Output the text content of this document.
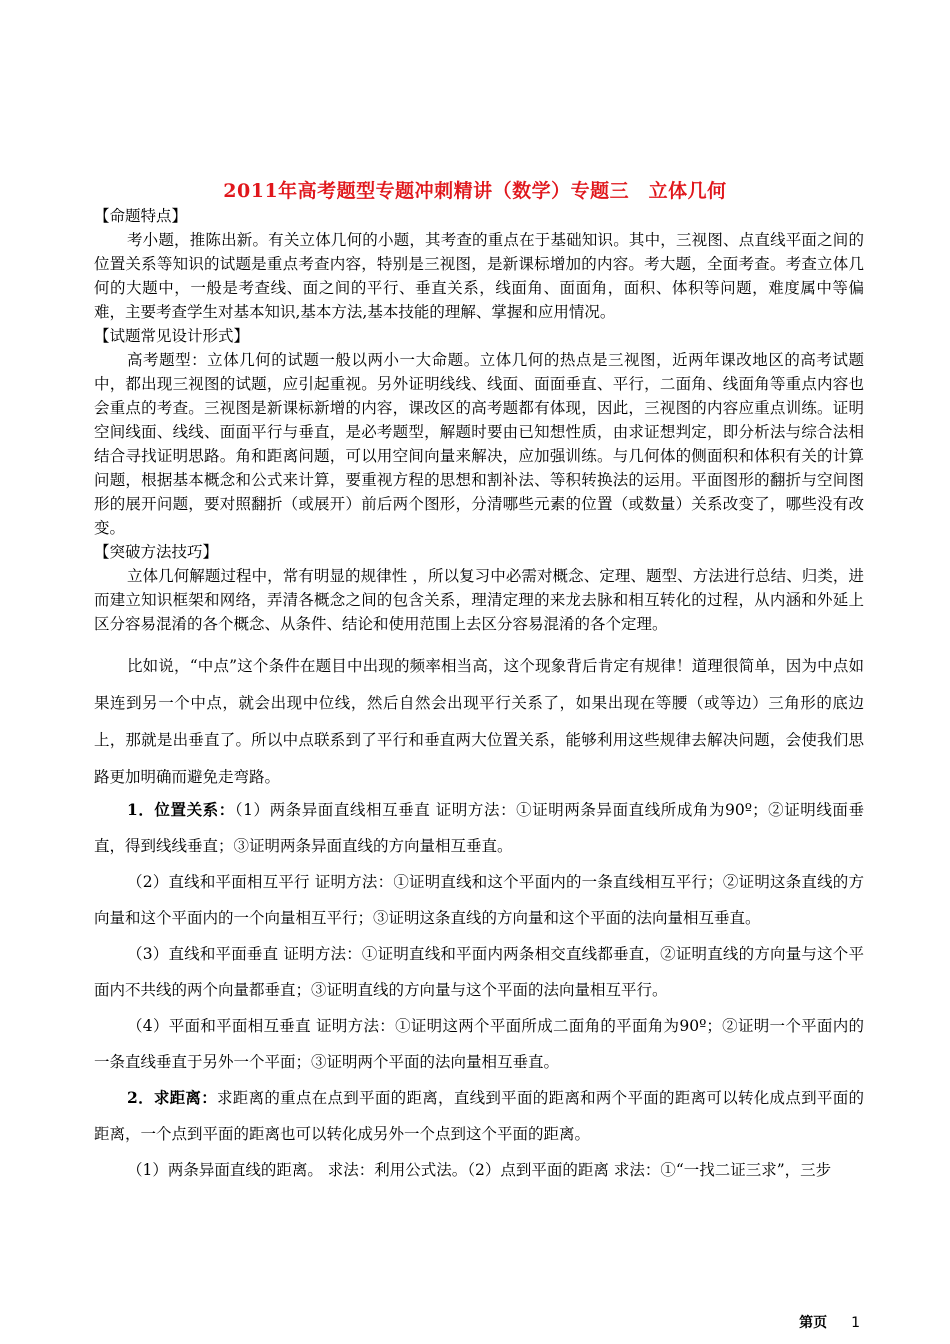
2011年高考题型专题冲刺精讲（数学）专题三　立体几何
【命题特点】
考小题，推陈出新。有关立体几何的小题，其考查的重点在于基础知识。其中，三视图、点直线平面之间的位置关系等知识的试题是重点考查内容，特别是三视图，是新课标增加的内容。考大题，全面考查。考查立体几何的大题中，一般是考查线、面之间的平行、垂直关系，线面角、面面角，面积、体积等问题，难度属中等偏难，主要考查学生对基本知识,基本方法,基本技能的理解、掌握和应用情况。
【试题常见设计形式】
高考题型：立体几何的试题一般以两小一大命题。立体几何的热点是三视图，近两年课改地区的高考试题中，都出现三视图的试题，应引起重视。另外证明线线、线面、面面垂直、平行，二面角、线面角等重点内容也会重点的考查。三视图是新课标新增的内容，课改区的高考题都有体现，因此，三视图的内容应重点训练。证明空间线面、线线、面面平行与垂直，是必考题型，解题时要由已知想性质，由求证想判定，即分析法与综合法相结合寻找证明思路。角和距离问题，可以用空间向量来解决，应加强训练。与几何体的侧面积和体积有关的计算问题，根据基本概念和公式来计算，要重视方程的思想和割补法、等积转换法的运用。平面图形的翻折与空间图形的展开问题，要对照翻折（或展开）前后两个图形，分清哪些元素的位置（或数量）关系改变了，哪些没有改变。
【突破方法技巧】
立体几何解题过程中，常有明显的规律性 ，所以复习中必需对概念、定理、题型、方法进行总结、归类，进而建立知识框架和网络，弄清各概念之间的包含关系，理清定理的来龙去脉和相互转化的过程，从内涵和外延上区分容易混淆的各个概念、从条件、结论和使用范围上去区分容易混淆的各个定理。
比如说，“中点”这个条件在题目中出现的频率相当高，这个现象背后肯定有规律！道理很简单，因为中点如果连到另一个中点，就会出现中位线，然后自然会出现平行关系了，如果出现在等腰（或等边）三角形的底边上，那就是出垂直了。所以中点联系到了平行和垂直两大位置关系，能够利用这些规律去解决问题，会使我们思路更加明确而避免走弯路。
1．位置关系：（1）两条异面直线相互垂直 证明方法：①证明两条异面直线所成角为90º；②证明线面垂直，得到线线垂直；③证明两条异面直线的方向量相互垂直。
（2）直线和平面相互平行 证明方法：①证明直线和这个平面内的一条直线相互平行；②证明这条直线的方向量和这个平面内的一个向量相互平行；③证明这条直线的方向量和这个平面的法向量相互垂直。
（3）直线和平面垂直 证明方法：①证明直线和平面内两条相交直线都垂直，②证明直线的方向量与这个平面内不共线的两个向量都垂直；③证明直线的方向量与这个平面的法向量相互平行。
（4）平面和平面相互垂直 证明方法：①证明这两个平面所成二面角的平面角为90º；②证明一个平面内的一条直线垂直于另外一个平面；③证明两个平面的法向量相互垂直。
2．求距离：求距离的重点在点到平面的距离，直线到平面的距离和两个平面的距离可以转化成点到平面的距离，一个点到平面的距离也可以转化成另外一个点到这个平面的距离。
（1）两条异面直线的距离。 求法：利用公式法。（2）点到平面的距离 求法：①“一找二证三求”，三步
第页 1
